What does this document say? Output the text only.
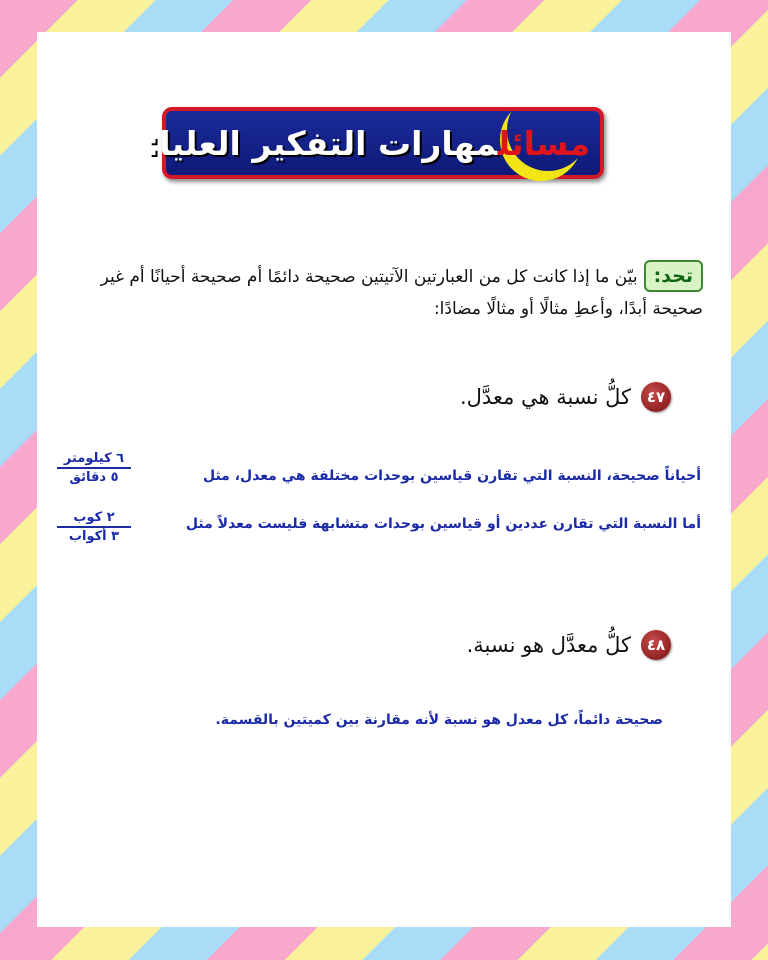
مسائلمهارات التفكير العليا:
تحد:بيّن ما إذا كانت كل من العبارتين الآتيتين صحيحة دائمًا أم صحيحة أحيانًا أم غير صحيحة أبدًا، وأعطِ مثالًا أو مثالًا مضادًا:
٤٧
كلُّ نسبة هي معدَّل.
أحياناً صحيحة، النسبة التي تقارن قياسين بوحدات مختلفة هي معدل، مثل
٦ كيلومتر
٥ دقائق
أما النسبة التي تقارن عددين أو قياسين بوحدات متشابهة فليست معدلاً مثل
٢ كوب
٣ أكواب
٤٨
كلُّ معدَّل هو نسبة.
صحيحة دائماً، كل معدل هو نسبة لأنه مقارنة بين كميتين بالقسمة.
